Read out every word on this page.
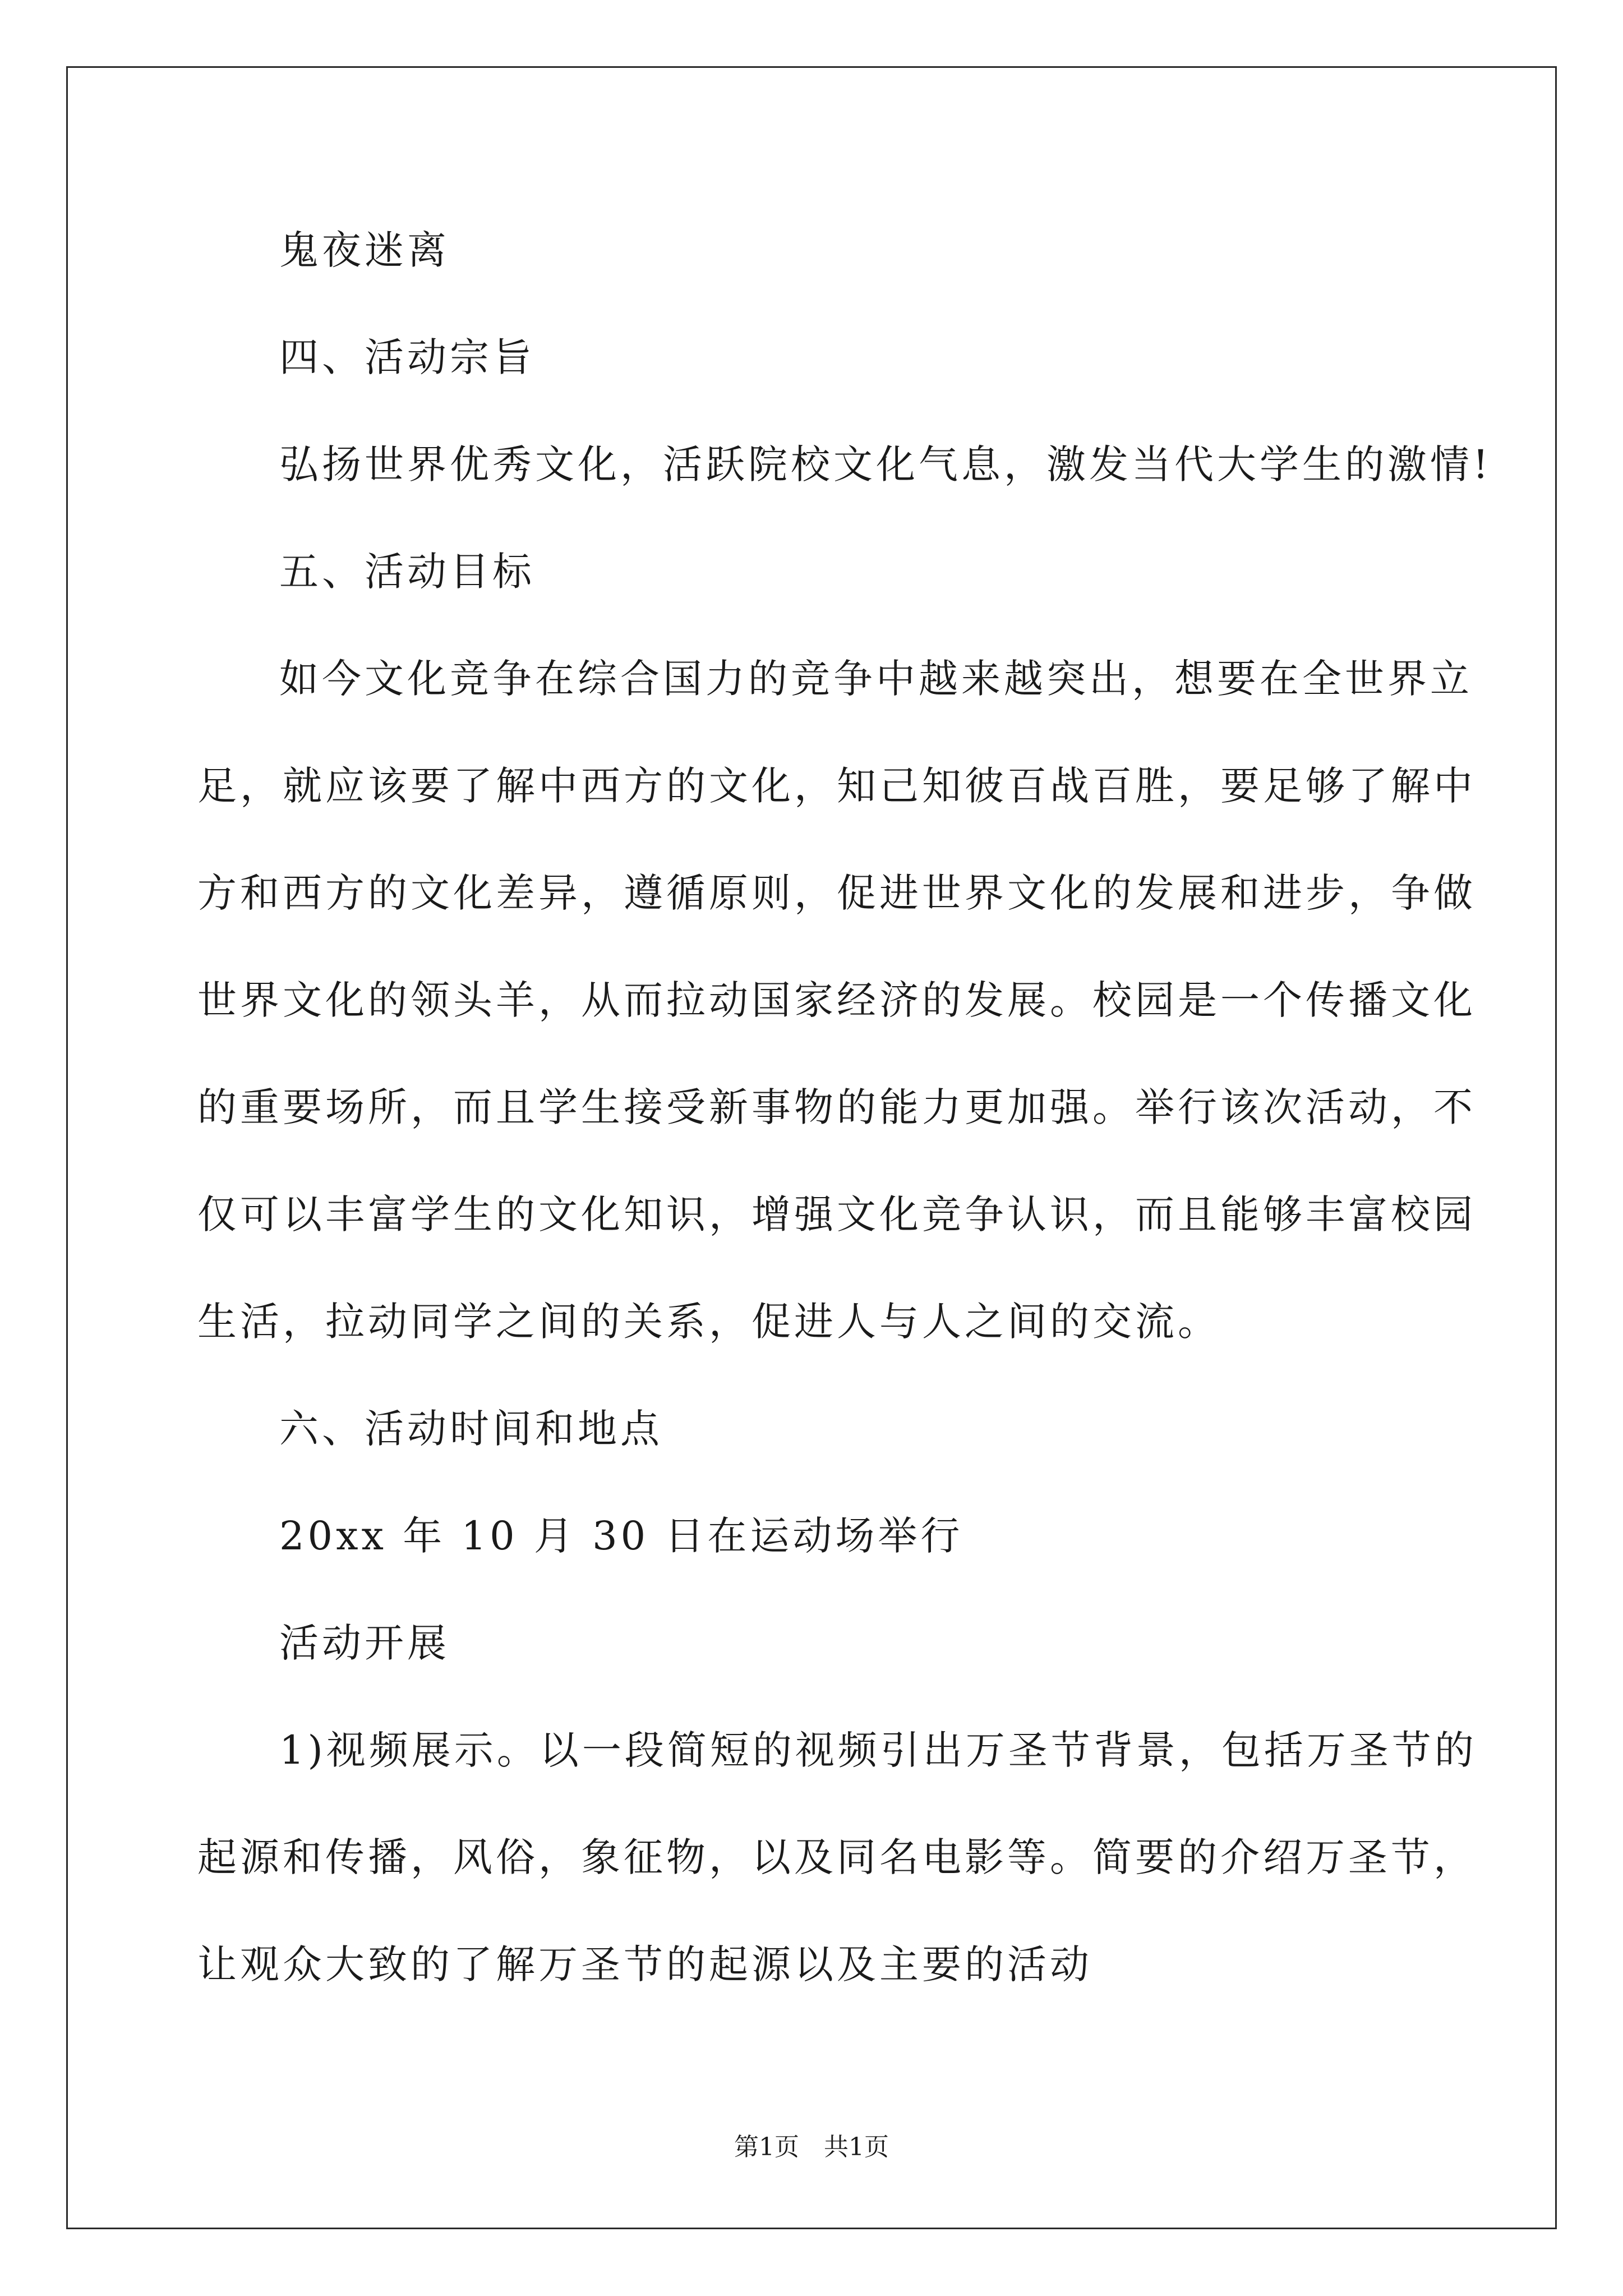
鬼夜迷离
四、活动宗旨
弘扬世界优秀文化，活跃院校文化气息，激发当代大学生的激情!
五、活动目标
如今文化竞争在综合国力的竞争中越来越突出，想要在全世界立
足，就应该要了解中西方的文化，知己知彼百战百胜，要足够了解中
方和西方的文化差异，遵循原则，促进世界文化的发展和进步，争做
世界文化的领头羊，从而拉动国家经济的发展。校园是一个传播文化
的重要场所，而且学生接受新事物的能力更加强。举行该次活动，不
仅可以丰富学生的文化知识，增强文化竞争认识，而且能够丰富校园
生活，拉动同学之间的关系，促进人与人之间的交流。
六、活动时间和地点
20xx 年 10 月 30 日在运动场举行
活动开展
1)视频展示。以一段简短的视频引出万圣节背景，包括万圣节的
起源和传播，风俗，象征物，以及同名电影等。简要的介绍万圣节，
让观众大致的了解万圣节的起源以及主要的活动
第1页 共1页
